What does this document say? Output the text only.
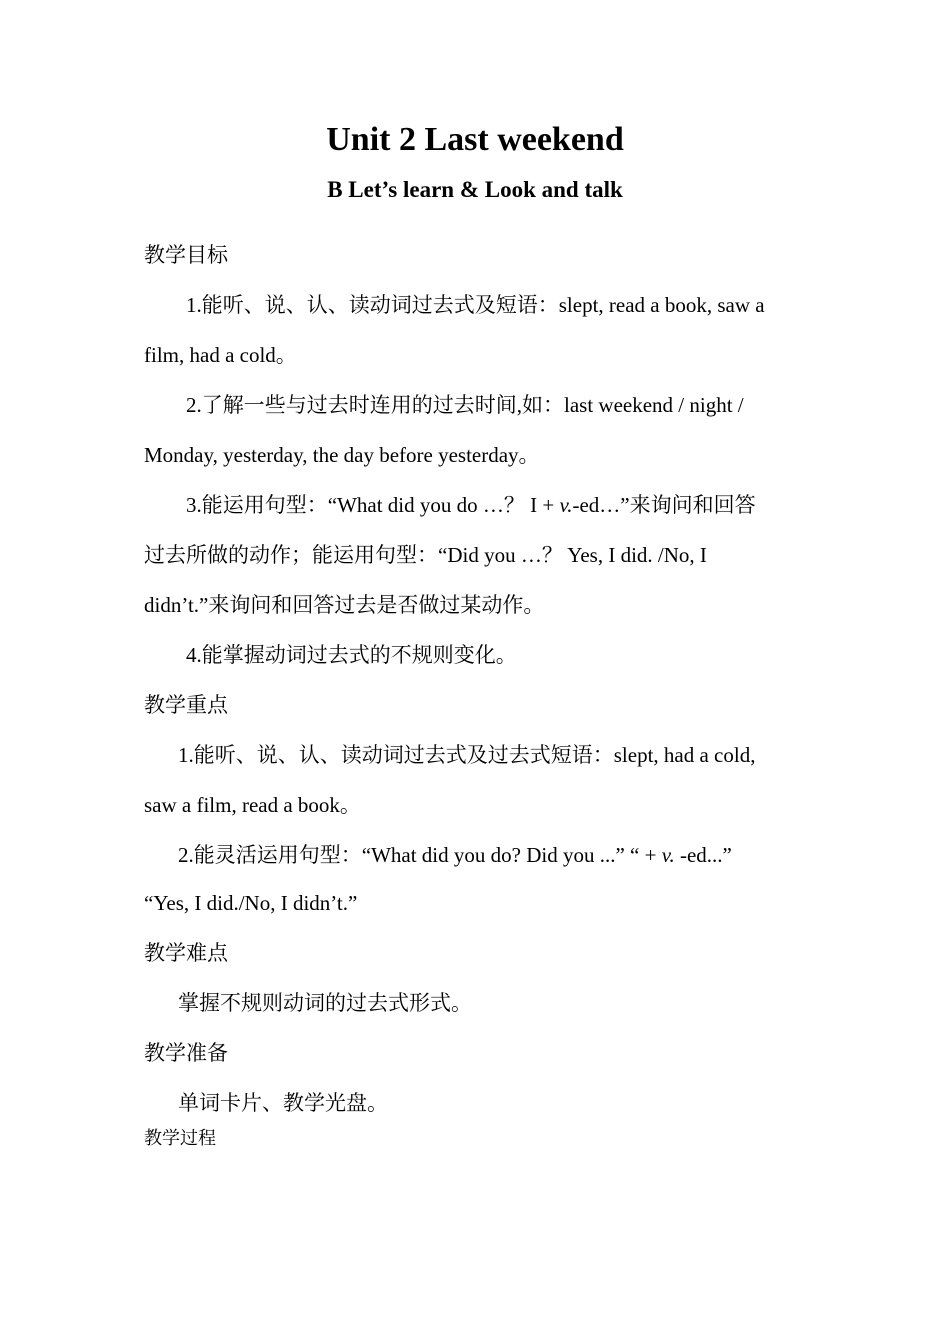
Unit 2 Last weekend
B Let’s learn & Look and talk

教学目标

1.能听、说、认、读动词过去式及短语：slept, read a book, saw a

film, had a cold。

2.了解一些与过去时连用的过去时间,如：last weekend / night /

Monday, yesterday, the day before yesterday。

3.能运用句型：“What did you do …？ I + v.-ed…”来询问和回答

过去所做的动作；能运用句型：“Did you …？ Yes, I did. /No, I

didn’t.”来询问和回答过去是否做过某动作。

4.能掌握动词过去式的不规则变化。

教学重点

1.能听、说、认、读动词过去式及过去式短语：slept, had a cold,

saw a film, read a book。

2.能灵活运用句型：“What did you do? Did you ...” “ + v. -ed...”

“Yes, I did./No, I didn’t.”

教学难点

掌握不规则动词的过去式形式。

教学准备

单词卡片、教学光盘。

教学过程
